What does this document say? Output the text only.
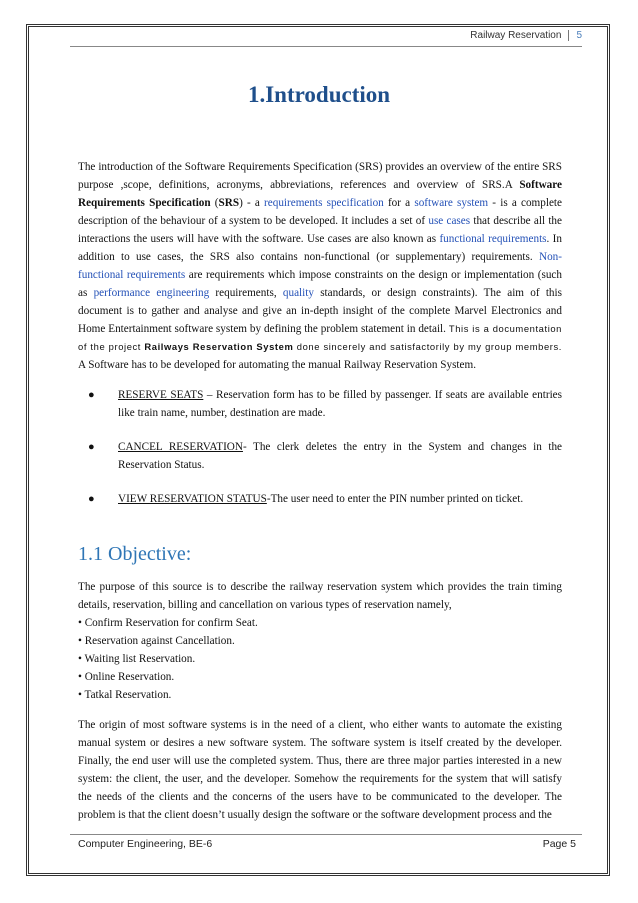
Railway Reservation	5
1.Introduction
The introduction of the Software Requirements Specification (SRS) provides an overview of the entire SRS purpose ,scope, definitions, acronyms, abbreviations, references and overview of SRS.A Software Requirements Specification (SRS) - a requirements specification for a software system - is a complete description of the behaviour of a system to be developed. It includes a set of use cases that describe all the interactions the users will have with the software. Use cases are also known as functional requirements. In addition to use cases, the SRS also contains non-functional (or supplementary) requirements. Non-functional requirements are requirements which impose constraints on the design or implementation (such as performance engineering requirements, quality standards, or design constraints). The aim of this document is to gather and analyse and give an in-depth insight of the complete Marvel Electronics and Home Entertainment software system by defining the problem statement in detail. This is a documentation of the project Railways Reservation System done sincerely and satisfactorily by my group members. A Software has to be developed for automating the manual Railway Reservation System.
● RESERVE SEATS – Reservation form has to be filled by passenger. If seats are available entries like train name, number, destination are made.
● CANCEL RESERVATION- The clerk deletes the entry in the System and changes in the Reservation Status.
● VIEW RESERVATION STATUS-The user need to enter the PIN number printed on ticket.
1.1 Objective:
The purpose of this source is to describe the railway reservation system which provides the train timing details, reservation, billing and cancellation on various types of reservation namely,
• Confirm Reservation for confirm Seat.
• Reservation against Cancellation.
• Waiting list Reservation.
• Online Reservation.
• Tatkal Reservation.
The origin of most software systems is in the need of a client, who either wants to automate the existing manual system or desires a new software system. The software system is itself created by the developer. Finally, the end user will use the completed system. Thus, there are three major parties interested in a new system: the client, the user, and the developer. Somehow the requirements for the system that will satisfy the needs of the clients and the concerns of the users have to be communicated to the developer. The problem is that the client doesn’t usually design the software or the software development process and the
Computer Engineering, BE-6	Page 5
